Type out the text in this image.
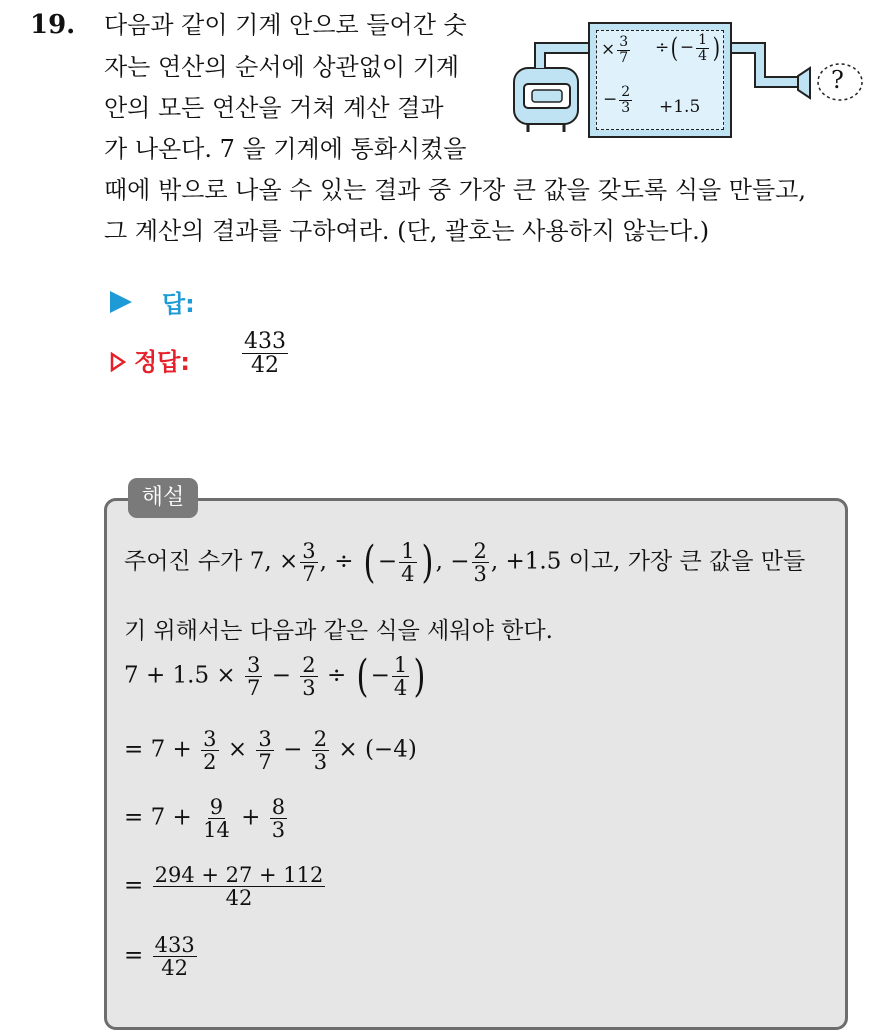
19. 다음과 같이 기계 안으로 들어간 숫
자는 연산의 순서에 상관없이 기계
안의 모든 연산을 거쳐 계산 결과
가 나온다. 7 을 기계에 통화시켰을
때에 밖으로 나올 수 있는 결과 중 가장 큰 값을 갖도록 식을 만들고,
그 계산의 결과를 구하여라. (단, 괄호는 사용하지 않는다.)
× $\frac{3}{7}$ ÷(− $\frac{1}{4}$ )
− $\frac{2}{3} +1.5$
?
답:
정답: $\frac{433}{42}$
해설
주어진 수가 7, × $\frac{3}{7}$ , ÷ ( − $\frac{1}{4}$ ) , − $\frac{2}{3}$ , +1.5 이고, 가장 큰 값을 만들
기 위해서는 다음과 같은 식을 세워야 한다.
$7 + 1.5 \times \frac{3}{7} - \frac{2}{3}$ ÷ ( − $\frac{1}{4}$ )
= $7 + \frac{3}{2} \times \frac{3}{7} - \frac{2}{3} \times (-4)$
= $7 + \frac{9}{14} + \frac{8}{3}$
= $\frac{294 + 27 + 112}{42}$
= $\frac{433}{42}$
